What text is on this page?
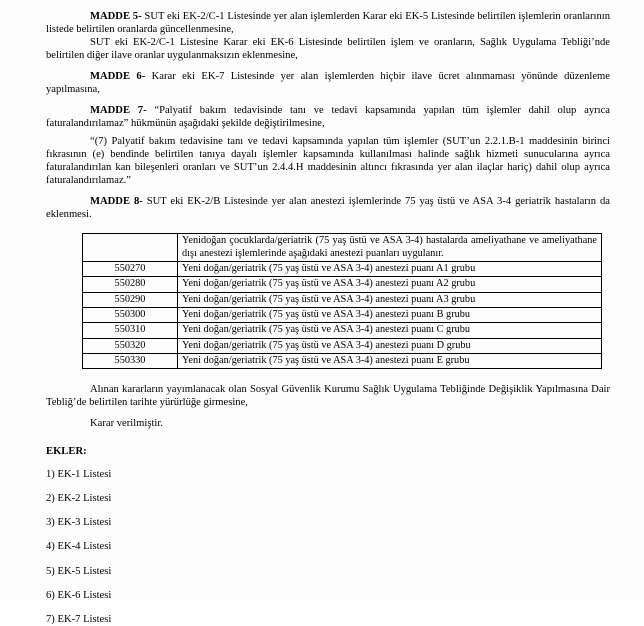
MADDE 5- SUT eki EK-2/C-1 Listesinde yer alan işlemlerden Karar eki EK-5 Listesinde belirtilen işlemlerin oranlarının listede belirtilen oranlarda güncellenmesine,

SUT eki EK-2/C-1 Listesine Karar eki EK-6 Listesinde belirtilen işlem ve oranların, Sağlık Uygulama Tebliği’nde belirtilen diğer ilave oranlar uygulanmaksızın eklenmesine,

MADDE 6- Karar eki EK-7 Listesinde yer alan işlemlerden hiçbir ilave ücret alınmaması yönünde düzenleme yapılmasına,

MADDE 7- “Palyatif bakım tedavisinde tanı ve tedavi kapsamında yapılan tüm işlemler dahil olup ayrıca faturalandırılamaz” hükmünün aşağıdaki şekilde değiştirilmesine,

“(7) Palyatif bakım tedavisine tanı ve tedavi kapsamında yapılan tüm işlemler (SUT’un 2.2.1.B-1 maddesinin birinci fıkrasının (e) bendinde belirtilen tanıya dayalı işlemler kapsamında kullanılması halinde sağlık hizmeti sunucularına ayrıca faturalandırılan kan bileşenleri oranları ve SUT’un 2.4.4.H maddesinin altıncı fıkrasında yer alan ilaçlar hariç) dahil olup ayrıca faturalandırılamaz.”

MADDE 8- SUT eki EK-2/B Listesinde yer alan anestezi işlemlerinde 75 yaş üstü ve ASA 3-4 geriatrik hastaların da eklenmesi.

	Yenidoğan çocuklarda/geriatrik (75 yaş üstü ve ASA 3-4) hastalarda ameliyathane ve ameliyathane dışı anestezi işlemlerinde aşağıdaki anestezi puanları uygulanır.
550270	Yeni doğan/geriatrik (75 yaş üstü ve ASA 3-4) anestezi puanı A1 grubu
550280	Yeni doğan/geriatrik (75 yaş üstü ve ASA 3-4) anestezi puanı A2 grubu
550290	Yeni doğan/geriatrik (75 yaş üstü ve ASA 3-4) anestezi puanı A3 grubu
550300	Yeni doğan/geriatrik (75 yaş üstü ve ASA 3-4) anestezi puanı B grubu
550310	Yeni doğan/geriatrik (75 yaş üstü ve ASA 3-4) anestezi puanı C grubu
550320	Yeni doğan/geriatrik (75 yaş üstü ve ASA 3-4) anestezi puanı D grubu
550330	Yeni doğan/geriatrik (75 yaş üstü ve ASA 3-4) anestezi puanı E grubu

Alınan kararların yayımlanacak olan Sosyal Güvenlik Kurumu Sağlık Uygulama Tebliğinde Değişiklik Yapılmasına Dair Tebliğ’de belirtilen tarihte yürürlüğe girmesine,

Karar verilmiştir.

EKLER:

1) EK-1 Listesi

2) EK-2 Listesi

3) EK-3 Listesi

4) EK-4 Listesi

5) EK-5 Listesi

6) EK-6 Listesi

7) EK-7 Listesi
